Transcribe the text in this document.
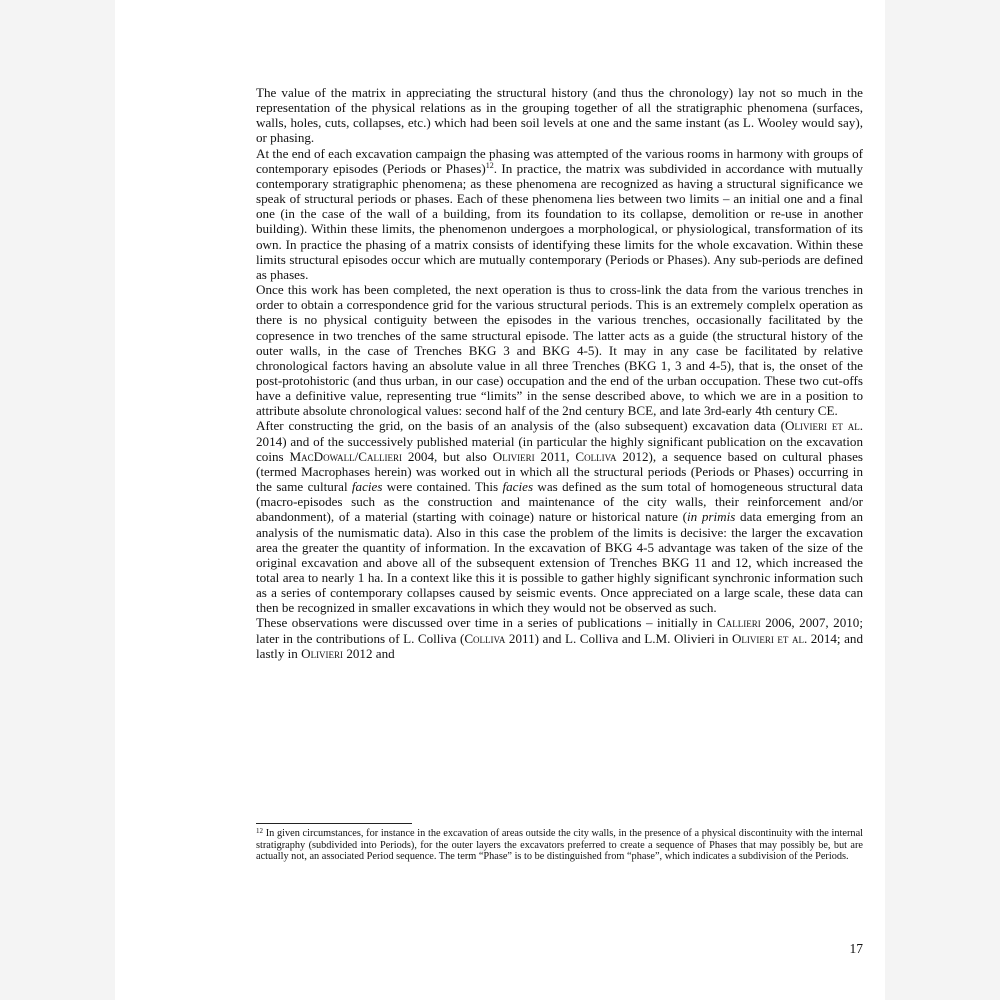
The value of the matrix in appreciating the structural history (and thus the chronology) lay not so much in the representation of the physical relations as in the grouping together of all the stratigraphic phenomena (surfaces, walls, holes, cuts, collapses, etc.) which had been soil levels at one and the same instant (as L. Wooley would say), or phasing.

At the end of each excavation campaign the phasing was attempted of the various rooms in harmony with groups of contemporary episodes (Periods or Phases)$^{12}$. In practice, the matrix was subdivided in accordance with mutually contemporary stratigraphic phenomena; as these phenomena are recognized as having a structural significance we speak of structural periods or phases. Each of these phenomena lies between two limits – an initial one and a final one (in the case of the wall of a building, from its foundation to its collapse, demolition or re-use in another building). Within these limits, the phenomenon undergoes a morphological, or physiological, transformation of its own. In practice the phasing of a matrix consists of identifying these limits for the whole excavation. Within these limits structural episodes occur which are mutually contemporary (Periods or Phases). Any sub-periods are defined as phases.

Once this work has been completed, the next operation is thus to cross-link the data from the various trenches in order to obtain a correspondence grid for the various structural periods. This is an extremely complelx operation as there is no physical contiguity between the episodes in the various trenches, occasionally facilitated by the copresence in two trenches of the same structural episode. The latter acts as a guide (the structural history of the outer walls, in the case of Trenches BKG 3 and BKG 4-5). It may in any case be facilitated by relative chronological factors having an absolute value in all three Trenches (BKG 1, 3 and 4-5), that is, the onset of the post-protohistoric (and thus urban, in our case) occupation and the end of the urban occupation. These two cut-offs have a definitive value, representing true “limits” in the sense described above, to which we are in a position to attribute absolute chronological values: second half of the 2nd century BCE, and late 3rd-early 4th century CE.

After constructing the grid, on the basis of an analysis of the (also subsequent) excavation data (Olivieri et al. 2014) and of the successively published material (in particular the highly significant publication on the excavation coins MacDowall/Callieri 2004, but also Olivieri 2011, Colliva 2012), a sequence based on cultural phases (termed Macrophases herein) was worked out in which all the structural periods (Periods or Phases) occurring in the same cultural facies were contained. This facies was defined as the sum total of homogeneous structural data (macro-episodes such as the construction and maintenance of the city walls, their reinforcement and/or abandonment), of a material (starting with coinage) nature or historical nature (in primis data emerging from an analysis of the numismatic data). Also in this case the problem of the limits is decisive: the larger the excavation area the greater the quantity of information. In the excavation of BKG 4-5 advantage was taken of the size of the original excavation and above all of the subsequent extension of Trenches BKG 11 and 12, which increased the total area to nearly 1 ha. In a context like this it is possible to gather highly significant synchronic information such as a series of contemporary collapses caused by seismic events. Once appreciated on a large scale, these data can then be recognized in smaller excavations in which they would not be observed as such.

These observations were discussed over time in a series of publications – initially in Callieri 2006, 2007, 2010; later in the contributions of L. Colliva (Colliva 2011) and L. Colliva and L.M. Olivieri in Olivieri et al. 2014; and lastly in Olivieri 2012 and

$^{12}$ In given circumstances, for instance in the excavation of areas outside the city walls, in the presence of a physical discontinuity with the internal stratigraphy (subdivided into Periods), for the outer layers the excavators preferred to create a sequence of Phases that may possibly be, but are actually not, an associated Period sequence. The term “Phase” is to be distinguished from “phase”, which indicates a subdivision of the Periods.

17
